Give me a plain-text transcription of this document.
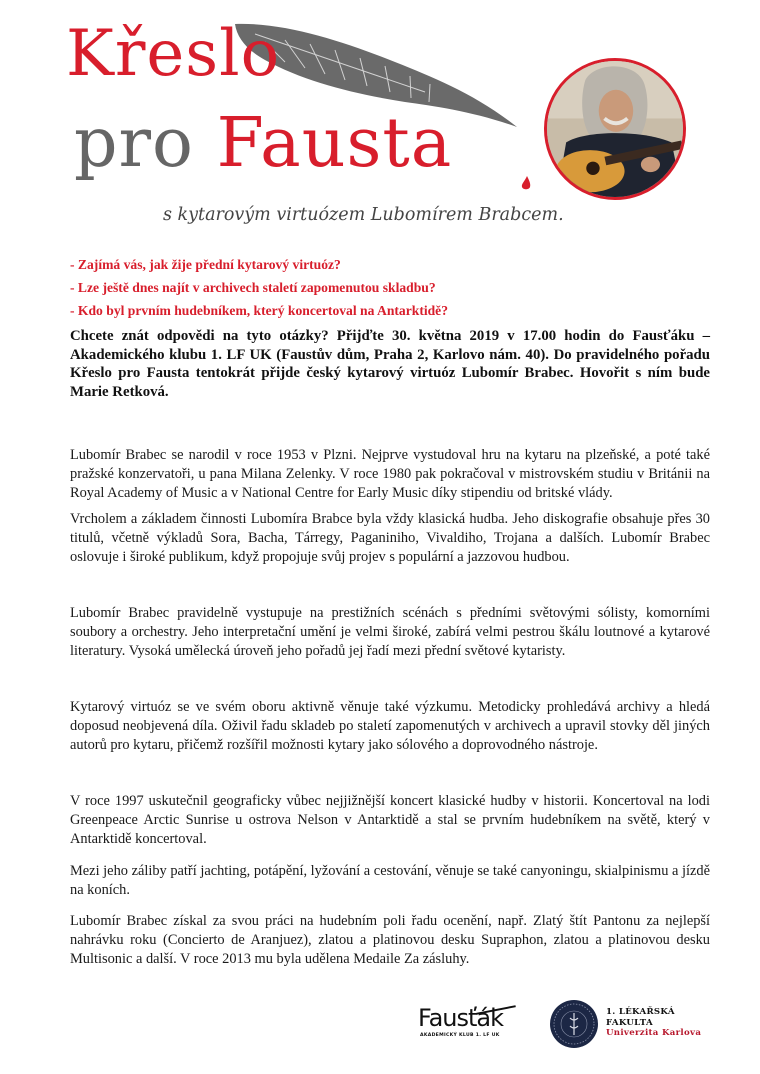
Křeslo
pro Fausta
s kytarovým virtuózem Lubomírem Brabcem.
- Zajímá vás, jak žije přední kytarový virtuóz?
- Lze ještě dnes najít v archivech staletí zapomenutou skladbu?
- Kdo byl prvním hudebníkem, který koncertoval na Antarktidě?

Chcete znát odpovědi na tyto otázky? Přijďte 30. května 2019 v 17.00 hodin do Fausťáku – Akademického klubu 1. LF UK (Faustův dům, Praha 2, Karlovo nám. 40). Do pravidelného pořadu Křeslo pro Fausta tentokrát přijde český kytarový virtuóz Lubomír Brabec. Hovořit s ním bude Marie Retková.

Lubomír Brabec se narodil v roce 1953 v Plzni. Nejprve vystudoval hru na kytaru na plzeňské, a poté také pražské konzervatoři, u pana Milana Zelenky. V roce 1980 pak pokračoval v mistrovském studiu v Británii na Royal Academy of Music a v National Centre for Early Music díky stipendiu od britské vlády.

Vrcholem a základem činnosti Lubomíra Brabce byla vždy klasická hudba. Jeho diskografie obsahuje přes 30 titulů, včetně výkladů Sora, Bacha, Tárregy, Paganiniho, Vivaldiho, Trojana a dalších. Lubomír Brabec oslovuje i široké publikum, když propojuje svůj projev s populární a jazzovou hudbou.

Lubomír Brabec pravidelně vystupuje na prestižních scénách s předními světovými sólisty, komorními soubory a orchestry. Jeho interpretační umění je velmi široké, zabírá velmi pestrou škálu loutnové a kytarové literatury. Vysoká umělecká úroveň jeho pořadů jej řadí mezi přední světové kytaristy.

Kytarový virtuóz se ve svém oboru aktivně věnuje také výzkumu. Metodicky prohledává archivy a hledá doposud neobjevená díla. Oživil řadu skladeb po staletí zapomenutých v archivech a upravil stovky děl jiných autorů pro kytaru, přičemž rozšířil možnosti kytary jako sólového a doprovodného nástroje.

V roce 1997 uskutečnil geograficky vůbec nejjižnější koncert klasické hudby v historii. Koncertoval na lodi Greenpeace Arctic Sunrise u ostrova Nelson v Antarktidě a stal se prvním hudebníkem na světě, který v Antarktidě koncertoval.

Mezi jeho záliby patří jachting, potápění, lyžování a cestování, věnuje se také canyoningu, skialpinismu a jízdě na koních.

Lubomír Brabec získal za svou práci na hudebním poli řadu ocenění, např. Zlatý štít Pantonu za nejlepší nahrávku roku (Concierto de Aranjuez), zlatou a platinovou desku Supraphon, zlatou a platinovou desku Multisonic a další. V roce 2013 mu byla udělena Medaile Za zásluhy.

Fausťák
AKADEMICKÝ KLUB 1. LF UK
1. LÉKAŘSKÁ
FAKULTA
Univerzita Karlova
